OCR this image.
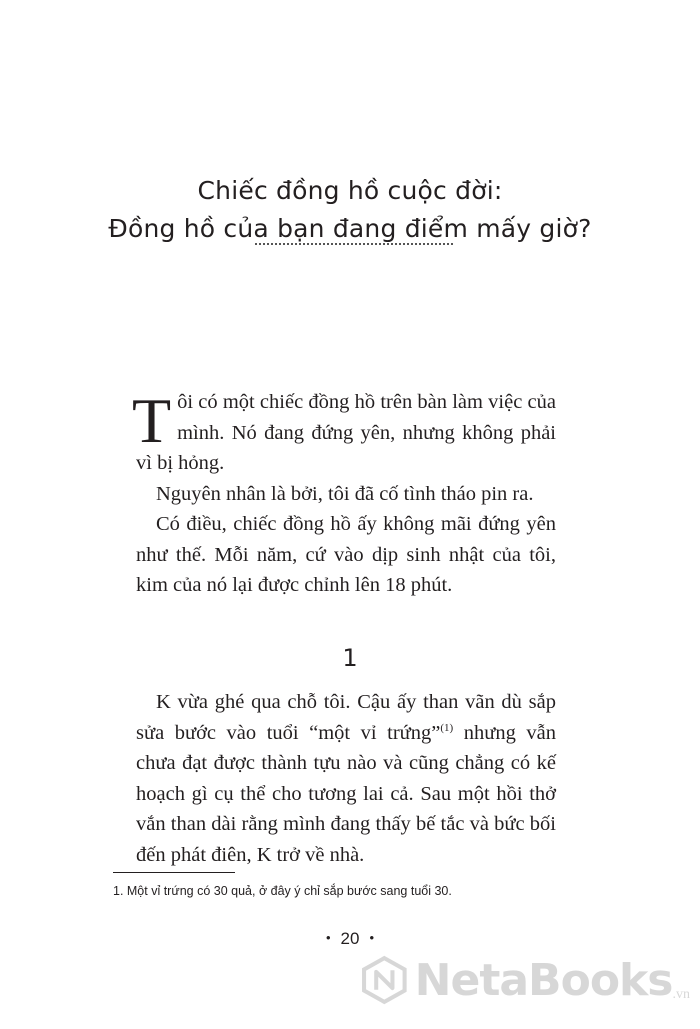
Chiếc đồng hồ cuộc đời:
Đồng hồ của bạn đang điểm mấy giờ?

Tôi có một chiếc đồng hồ trên bàn làm việc của mình. Nó đang đứng yên, nhưng không phải vì bị hỏng.

Nguyên nhân là bởi, tôi đã cố tình tháo pin ra.

Có điều, chiếc đồng hồ ấy không mãi đứng yên như thế. Mỗi năm, cứ vào dịp sinh nhật của tôi, kim của nó lại được chỉnh lên 18 phút.

1

K vừa ghé qua chỗ tôi. Cậu ấy than vãn dù sắp sửa bước vào tuổi “một vỉ trứng”$^{(1)}$ nhưng vẫn chưa đạt được thành tựu nào và cũng chẳng có kế hoạch gì cụ thể cho tương lai cả. Sau một hồi thở vắn than dài rằng mình đang thấy bế tắc và bức bối đến phát điên, K trở về nhà.

1. Một vỉ trứng có 30 quả, ở đây ý chỉ sắp bước sang tuổi 30.
• 20 •
NetaBooks .vn
